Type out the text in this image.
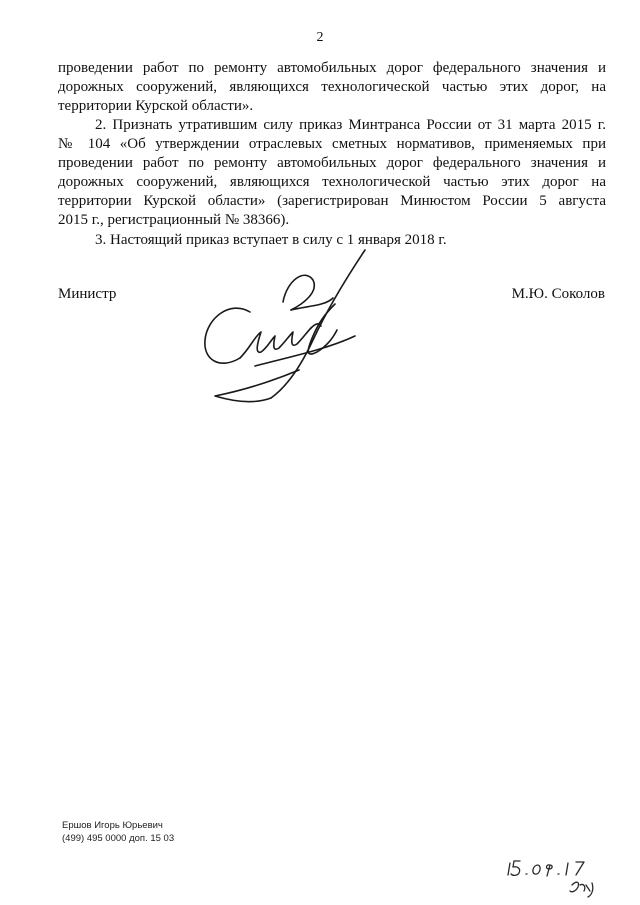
2
проведении работ по ремонту автомобильных дорог федерального значения и
дорожных сооружений, являющихся технологической частью этих дорог, на
территории Курской области».
2. Признать утратившим силу приказ Минтранса России от 31 марта 2015 г.
№ 104 «Об утверждении отраслевых сметных нормативов, применяемых при
проведении работ по ремонту автомобильных дорог федерального значения и
дорожных сооружений, являющихся технологической частью этих дорог на
территории Курской области» (зарегистрирован Минюстом России 5 августа
2015 г., регистрационный № 38366).
3. Настоящий приказ вступает в силу с 1 января 2018 г.
Министр	М.Ю. Соколов
Ершов Игорь Юрьевич
(499) 495 0000 доп. 15 03
